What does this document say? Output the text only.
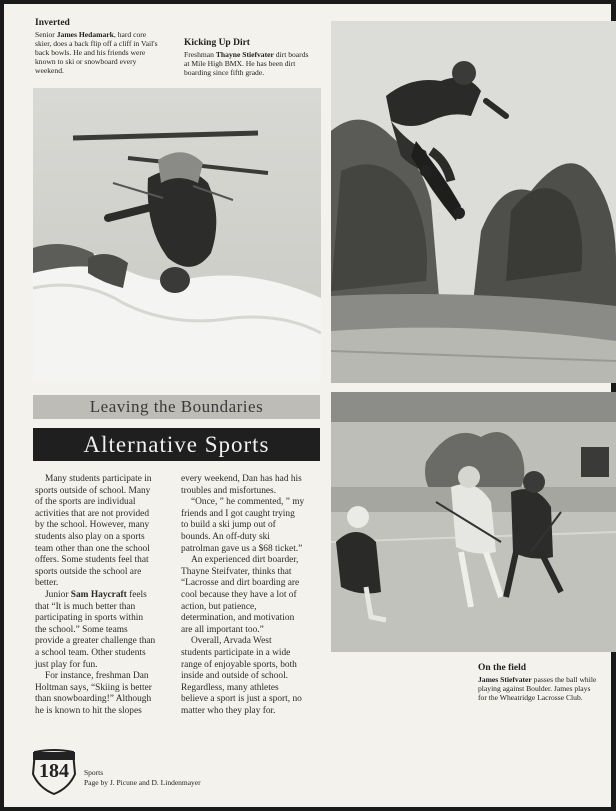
Inverted
Senior James Hedamark, hard core
skier, does a back flip off a cliff in Vail's
back bowls. He and his friends were
known to ski or snowboard every
weekend.
Kicking Up Dirt
Freshman Thayne Stiefvater dirt boards
at Mile High BMX. He has been dirt
boarding since fifth grade.
Leaving the Boundaries
Alternative Sports

Many students participate in

sports outside of school. Many

of the sports are individual

activities that are not provided

by the school. However, many

students also play on a sports

team other than one the school

offers. Some students feel that

sports outside the school are

better.

Junior Sam Haycraft feels

that “It is much better than

participating in sports within

the school.” Some teams

provide a greater challenge than

a school team. Other students

just play for fun.

For instance, freshman Dan

Holtman says, “Skiing is better

than snowboarding!” Although

he is known to hit the slopes

every weekend, Dan has had his

troubles and misfortunes.

“Once, ” he commented, ” my

friends and I got caught trying

to build a ski jump out of

bounds. An off-duty ski

patrolman gave us a $68 ticket.”

An experienced dirt boarder,

Thayne Steifvater, thinks that

“Lacrosse and dirt boarding are

cool because they have a lot of

action, but patience,

determination, and motivation

are all important too.”

Overall, Arvada West

students participate in a wide

range of enjoyable sports, both

inside and outside of school.

Regardless, many athletes

believe a sport is just a sport, no

matter who they play for.

On the field
James Stiefvater passes the ball while
playing against Boulder. James plays
for the Wheatridge Lacrosse Club.
184	Sports
Page by J. Picune and D. Lindenmayer
